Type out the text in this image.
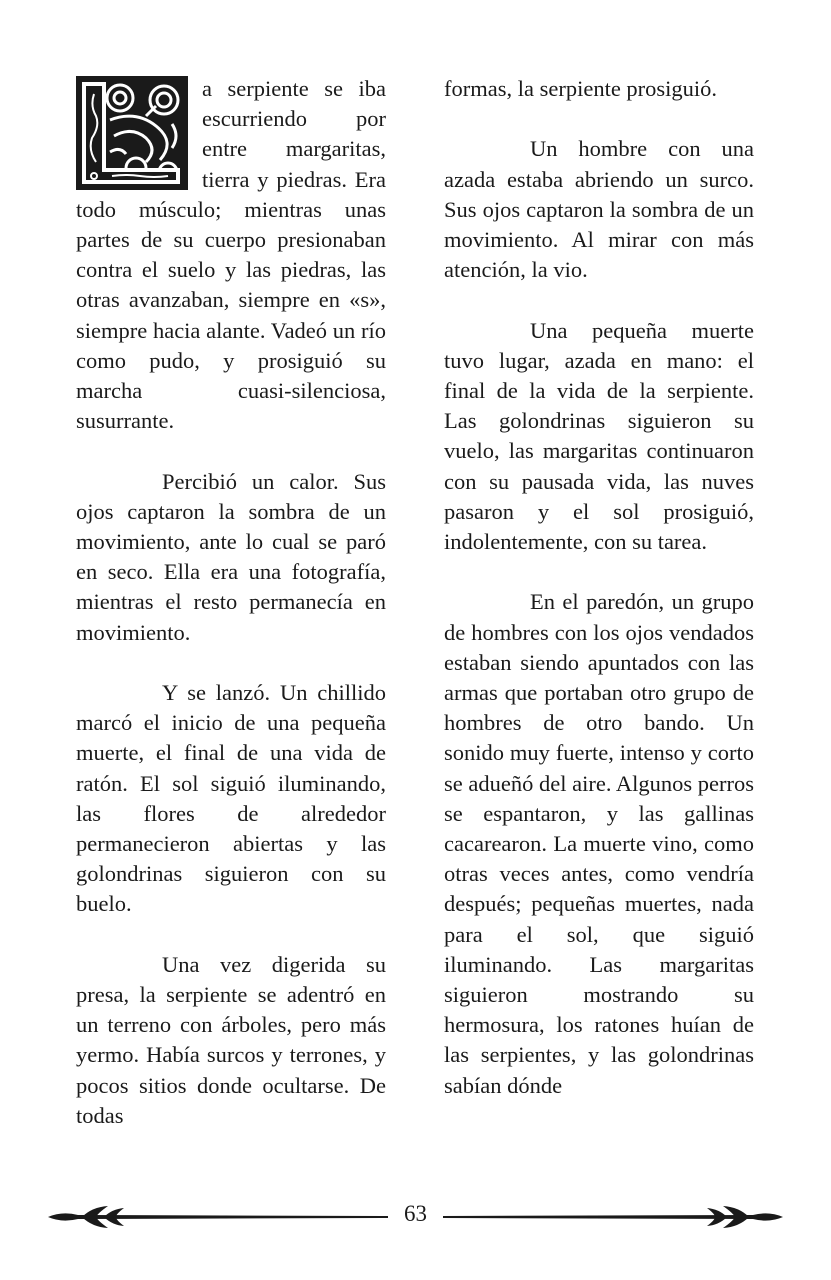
a serpiente se iba escurriendo por entre margaritas, tierra y piedras. Era todo músculo; mientras unas partes de su cuerpo presionaban contra el suelo y las piedras, las otras avanzaban, siempre en «s», siempre hacia alante. Vadeó un río como pudo, y prosiguió su marcha cuasi-silenciosa, susurrante.

Percibió un calor. Sus ojos captaron la sombra de un movimiento, ante lo cual se paró en seco. Ella era una fotografía, mientras el resto permanecía en movimiento.

Y se lanzó. Un chillido marcó el inicio de una pequeña muerte, el final de una vida de ratón. El sol siguió iluminando, las flores de alrededor permanecieron abiertas y las golondrinas siguieron con su buelo.

Una vez digerida su presa, la serpiente se adentró en un terreno con árboles, pero más yermo. Había surcos y terrones, y pocos sitios donde ocultarse. De todas

formas, la serpiente prosiguió.

Un hombre con una azada estaba abriendo un surco. Sus ojos captaron la sombra de un movimiento. Al mirar con más atención, la vio.

Una pequeña muerte tuvo lugar, azada en mano: el final de la vida de la serpiente. Las golondrinas siguieron su vuelo, las margaritas continuaron con su pausada vida, las nuves pasaron y el sol prosiguió, indolentemente, con su tarea.

En el paredón, un grupo de hombres con los ojos vendados estaban siendo apuntados con las armas que portaban otro grupo de hombres de otro bando. Un sonido muy fuerte, intenso y corto se adueñó del aire. Algunos perros se espantaron, y las gallinas cacarearon. La muerte vino, como otras veces antes, como vendría después; pequeñas muertes, nada para el sol, que siguió iluminando. Las margaritas siguieron mostrando su hermosura, los ratones huían de las serpientes, y las golondrinas sabían dónde

63
